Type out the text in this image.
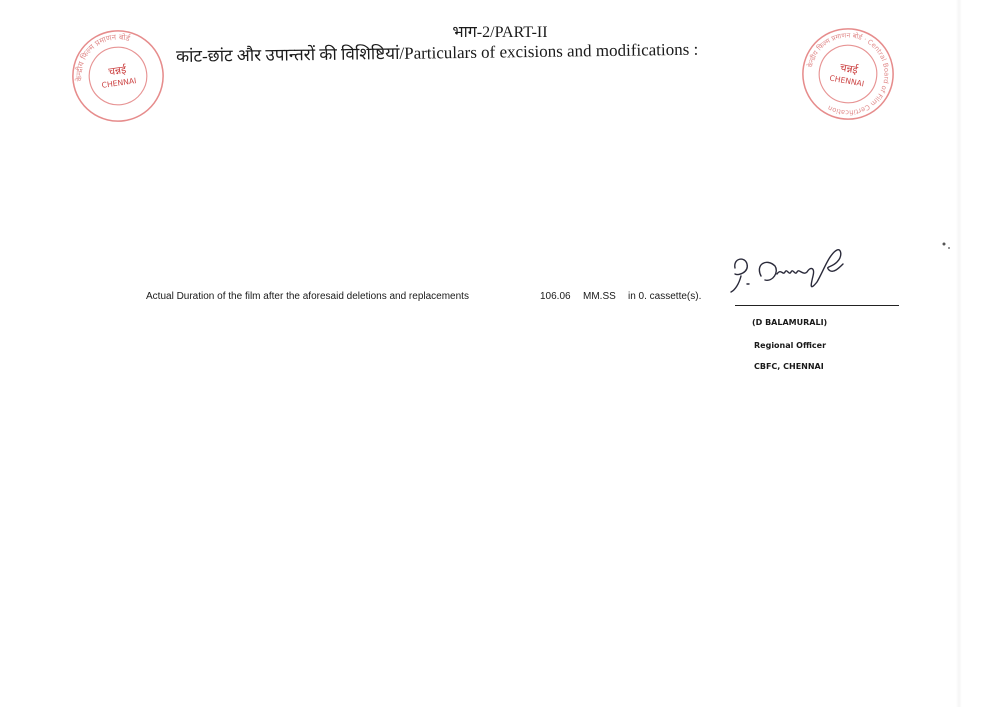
भाग-2/PART-II
कांट-छांट और उपान्तरों की विशिष्टियां/Particulars of excisions and modifications :
केन्द्रीय फिल्म प्रमाणन बोर्ड
चन्नई
CHENNAI
केन्द्रीय फिल्म प्रमाणन बोर्ड · Central Board of Film Certification
चन्नई
CHENNAI
Actual Duration of the film after the aforesaid deletions and replacements	106.06 MM.SS in 0. cassette(s).
(D BALAMURALI)
Regional Officer
CBFC, CHENNAI
